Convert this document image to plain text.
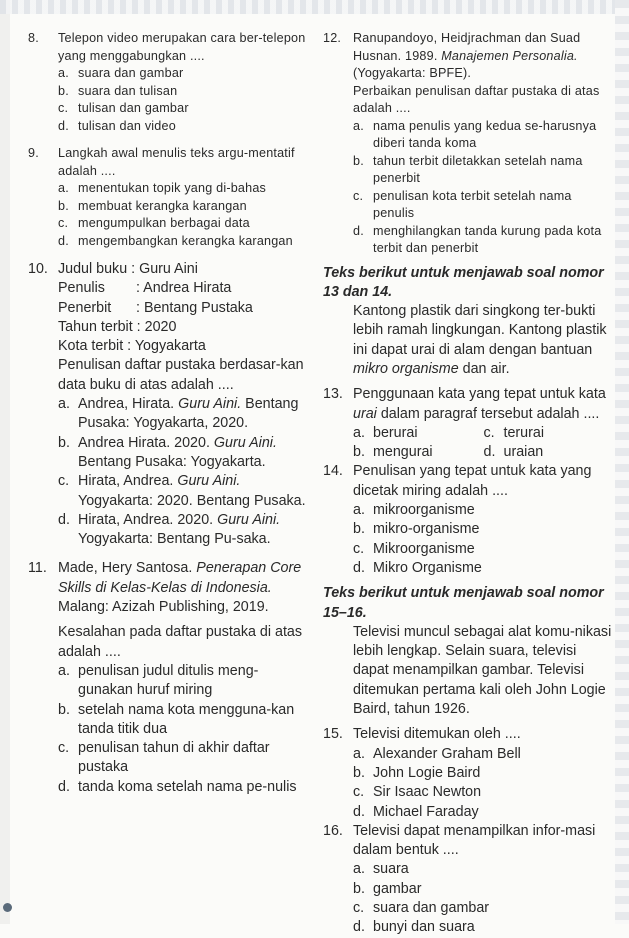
8.	Telepon video merupakan cara ber-telepon yang menggabungkan ....
a. suara dan gambar
b. suara dan tulisan
c. tulisan dan gambar
d. tulisan dan video
9.	Langkah awal menulis teks argu-mentatif adalah ....
a. menentukan topik yang di-bahas
b. membuat kerangka karangan
c. mengumpulkan berbagai data
d. mengembangkan kerangka karangan
10. Judul buku : Guru Aini
Penulis	: Andrea Hirata
Penerbit	: Bentang Pustaka
Tahun terbit : 2020
Kota terbit : Yogyakarta
Penulisan daftar pustaka berdasar-kan data buku di atas adalah ....
a. Andrea, Hirata. Guru Aini. Bentang Pusaka: Yogyakarta, 2020.
b. Andrea Hirata. 2020. Guru Aini. Bentang Pusaka: Yogyakarta.
c. Hirata, Andrea. Guru Aini. Yogyakarta: 2020. Bentang Pusaka.
d. Hirata, Andrea. 2020. Guru Aini. Yogyakarta: Bentang Pu-saka.
11. Made, Hery Santosa. Penerapan Core Skills di Kelas-Kelas di Indonesia. Malang: Azizah Publishing, 2019.
Kesalahan pada daftar pustaka di atas adalah ....
a. penulisan judul ditulis meng-gunakan huruf miring
b. setelah nama kota mengguna-kan tanda titik dua
c. penulisan tahun di akhir daftar pustaka
d. tanda koma setelah nama pe-nulis
12. Ranupandoyo, Heidjrachman dan Suad Husnan. 1989. Manajemen Personalia. (Yogyakarta: BPFE).
Perbaikan penulisan daftar pustaka di atas adalah ....
a. nama penulis yang kedua se-harusnya diberi tanda koma
b. tahun terbit diletakkan setelah nama penerbit
c. penulisan kota terbit setelah nama penulis
d. menghilangkan tanda kurung pada kota terbit dan penerbit
Teks berikut untuk menjawab soal nomor 13 dan 14.
Kantong plastik dari singkong ter-bukti lebih ramah lingkungan. Kantong plastik ini dapat urai di alam dengan bantuan mikro organisme dan air.
13. Penggunaan kata yang tepat untuk kata urai dalam paragraf tersebut adalah ....
a. berurai	c. terurai
b. mengurai	d. uraian
14. Penulisan yang tepat untuk kata yang dicetak miring adalah ....
a. mikroorganisme
b. mikro-organisme
c. Mikroorganisme
d. Mikro Organisme
Teks berikut untuk menjawab soal nomor 15–16.
Televisi muncul sebagai alat komu-nikasi lebih lengkap. Selain suara, televisi dapat menampilkan gambar. Televisi ditemukan pertama kali oleh John Logie Baird, tahun 1926.
15. Televisi ditemukan oleh ....
a. Alexander Graham Bell
b. John Logie Baird
c. Sir Isaac Newton
d. Michael Faraday
16. Televisi dapat menampilkan infor-masi dalam bentuk ....
a. suara
b. gambar
c. suara dan gambar
d. bunyi dan suara
